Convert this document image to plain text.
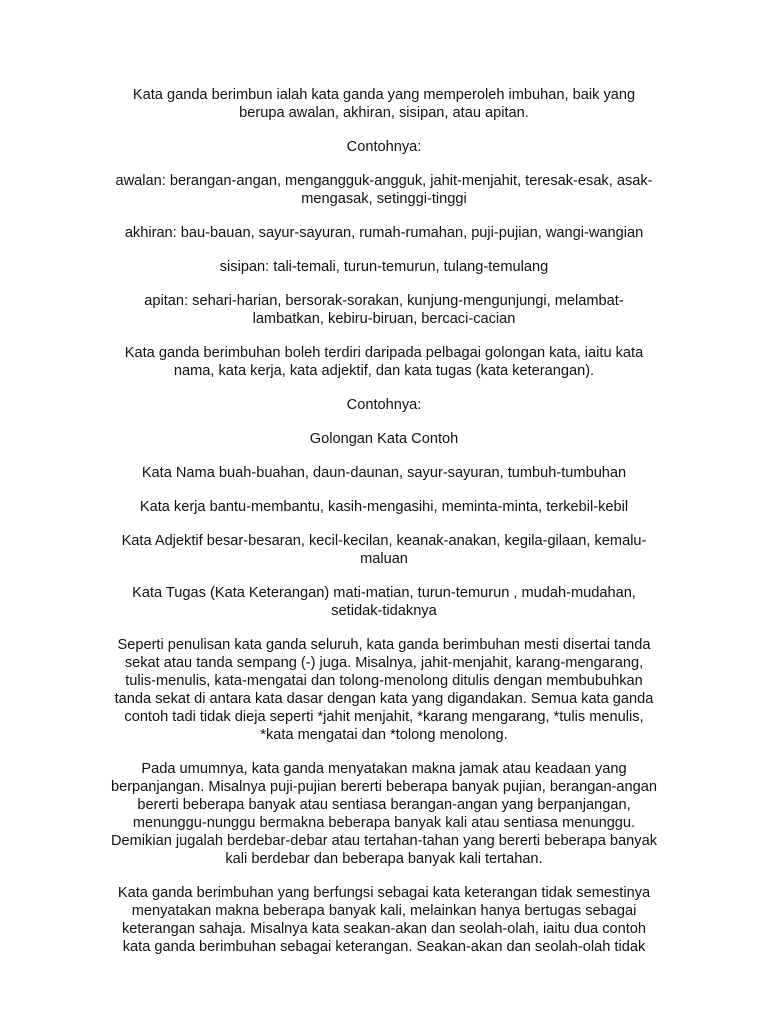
Kata ganda berimbun ialah kata ganda yang memperoleh imbuhan, baik yang
berupa awalan, akhiran, sisipan, atau apitan.

Contohnya:

awalan: berangan-angan, mengangguk-angguk, jahit-menjahit, teresak-esak, asak-
mengasak, setinggi-tinggi

akhiran: bau-bauan, sayur-sayuran, rumah-rumahan, puji-pujian, wangi-wangian

sisipan: tali-temali, turun-temurun, tulang-temulang

apitan: sehari-harian, bersorak-sorakan, kunjung-mengunjungi, melambat-
lambatkan, kebiru-biruan, bercaci-cacian

Kata ganda berimbuhan boleh terdiri daripada pelbagai golongan kata, iaitu kata
nama, kata kerja, kata adjektif, dan kata tugas (kata keterangan).

Contohnya:

Golongan Kata Contoh

Kata Nama buah-buahan, daun-daunan, sayur-sayuran, tumbuh-tumbuhan

Kata kerja bantu-membantu, kasih-mengasihi, meminta-minta, terkebil-kebil

Kata Adjektif besar-besaran, kecil-kecilan, keanak-anakan, kegila-gilaan, kemalu-
maluan

Kata Tugas (Kata Keterangan) mati-matian, turun-temurun , mudah-mudahan,
setidak-tidaknya

Seperti penulisan kata ganda seluruh, kata ganda berimbuhan mesti disertai tanda
sekat atau tanda sempang (-) juga. Misalnya, jahit-menjahit, karang-mengarang,
tulis-menulis, kata-mengatai dan tolong-menolong ditulis dengan membubuhkan
tanda sekat di antara kata dasar dengan kata yang digandakan. Semua kata ganda
contoh tadi tidak dieja seperti *jahit menjahit, *karang mengarang, *tulis menulis,
*kata mengatai dan *tolong menolong.

Pada umumnya, kata ganda menyatakan makna jamak atau keadaan yang
berpanjangan. Misalnya puji-pujian bererti beberapa banyak pujian, berangan-angan
bererti beberapa banyak atau sentiasa berangan-angan yang berpanjangan,
menunggu-nunggu bermakna beberapa banyak kali atau sentiasa menunggu.
Demikian jugalah berdebar-debar atau tertahan-tahan yang bererti beberapa banyak
kali berdebar dan beberapa banyak kali tertahan.

Kata ganda berimbuhan yang berfungsi sebagai kata keterangan tidak semestinya
menyatakan makna beberapa banyak kali, melainkan hanya bertugas sebagai
keterangan sahaja. Misalnya kata seakan-akan dan seolah-olah, iaitu dua contoh
kata ganda berimbuhan sebagai keterangan. Seakan-akan dan seolah-olah tidak
